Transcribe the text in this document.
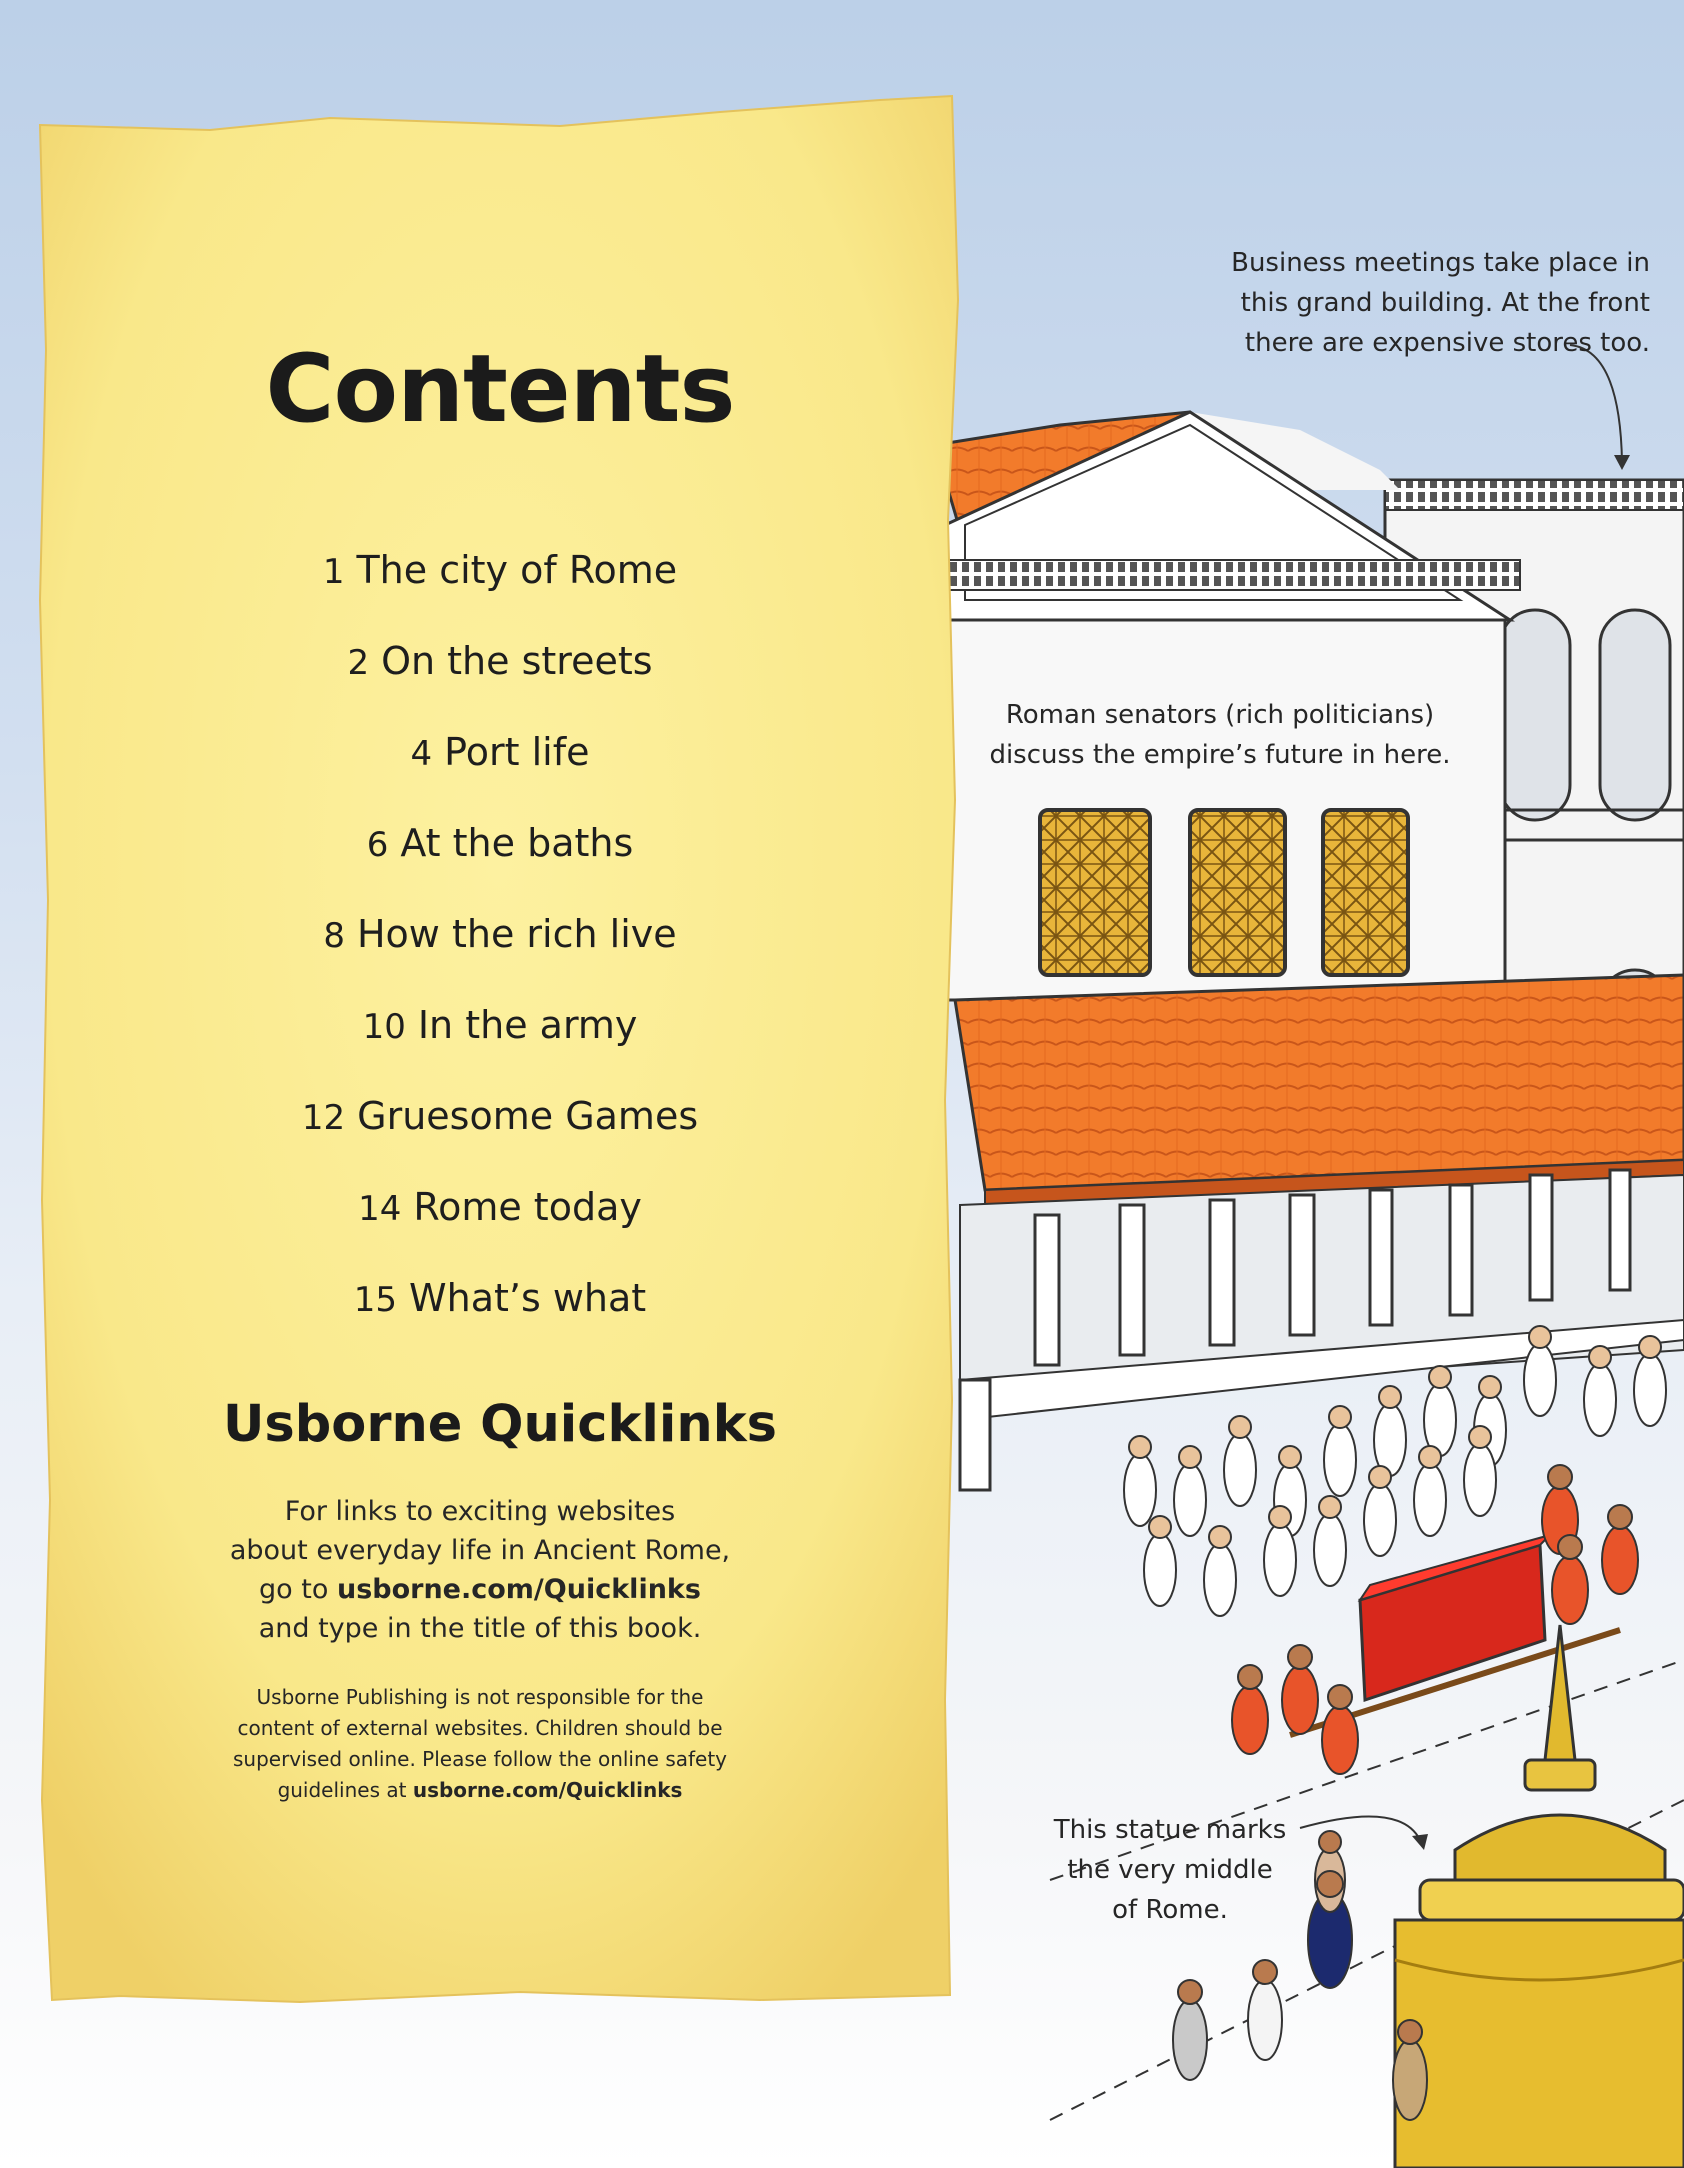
Contents
1 The city of Rome
2 On the streets
4 Port life
6 At the baths
8 How the rich live
10 In the army
12 Gruesome Games
14 Rome today
15 What’s what
Usborne Quicklinks

For links to exciting websites
about everyday life in Ancient Rome,
go to usborne.com/Quicklinks
and type in the title of this book.

Usborne Publishing is not responsible for the
content of external websites. Children should be
supervised online. Please follow the online safety
guidelines at usborne.com/Quicklinks

Business meetings take place in
this grand building. At the front
there are expensive stores too.

Roman senators (rich politicians)
discuss the empire’s future in here.

This statue marks
the very middle
of Rome.
